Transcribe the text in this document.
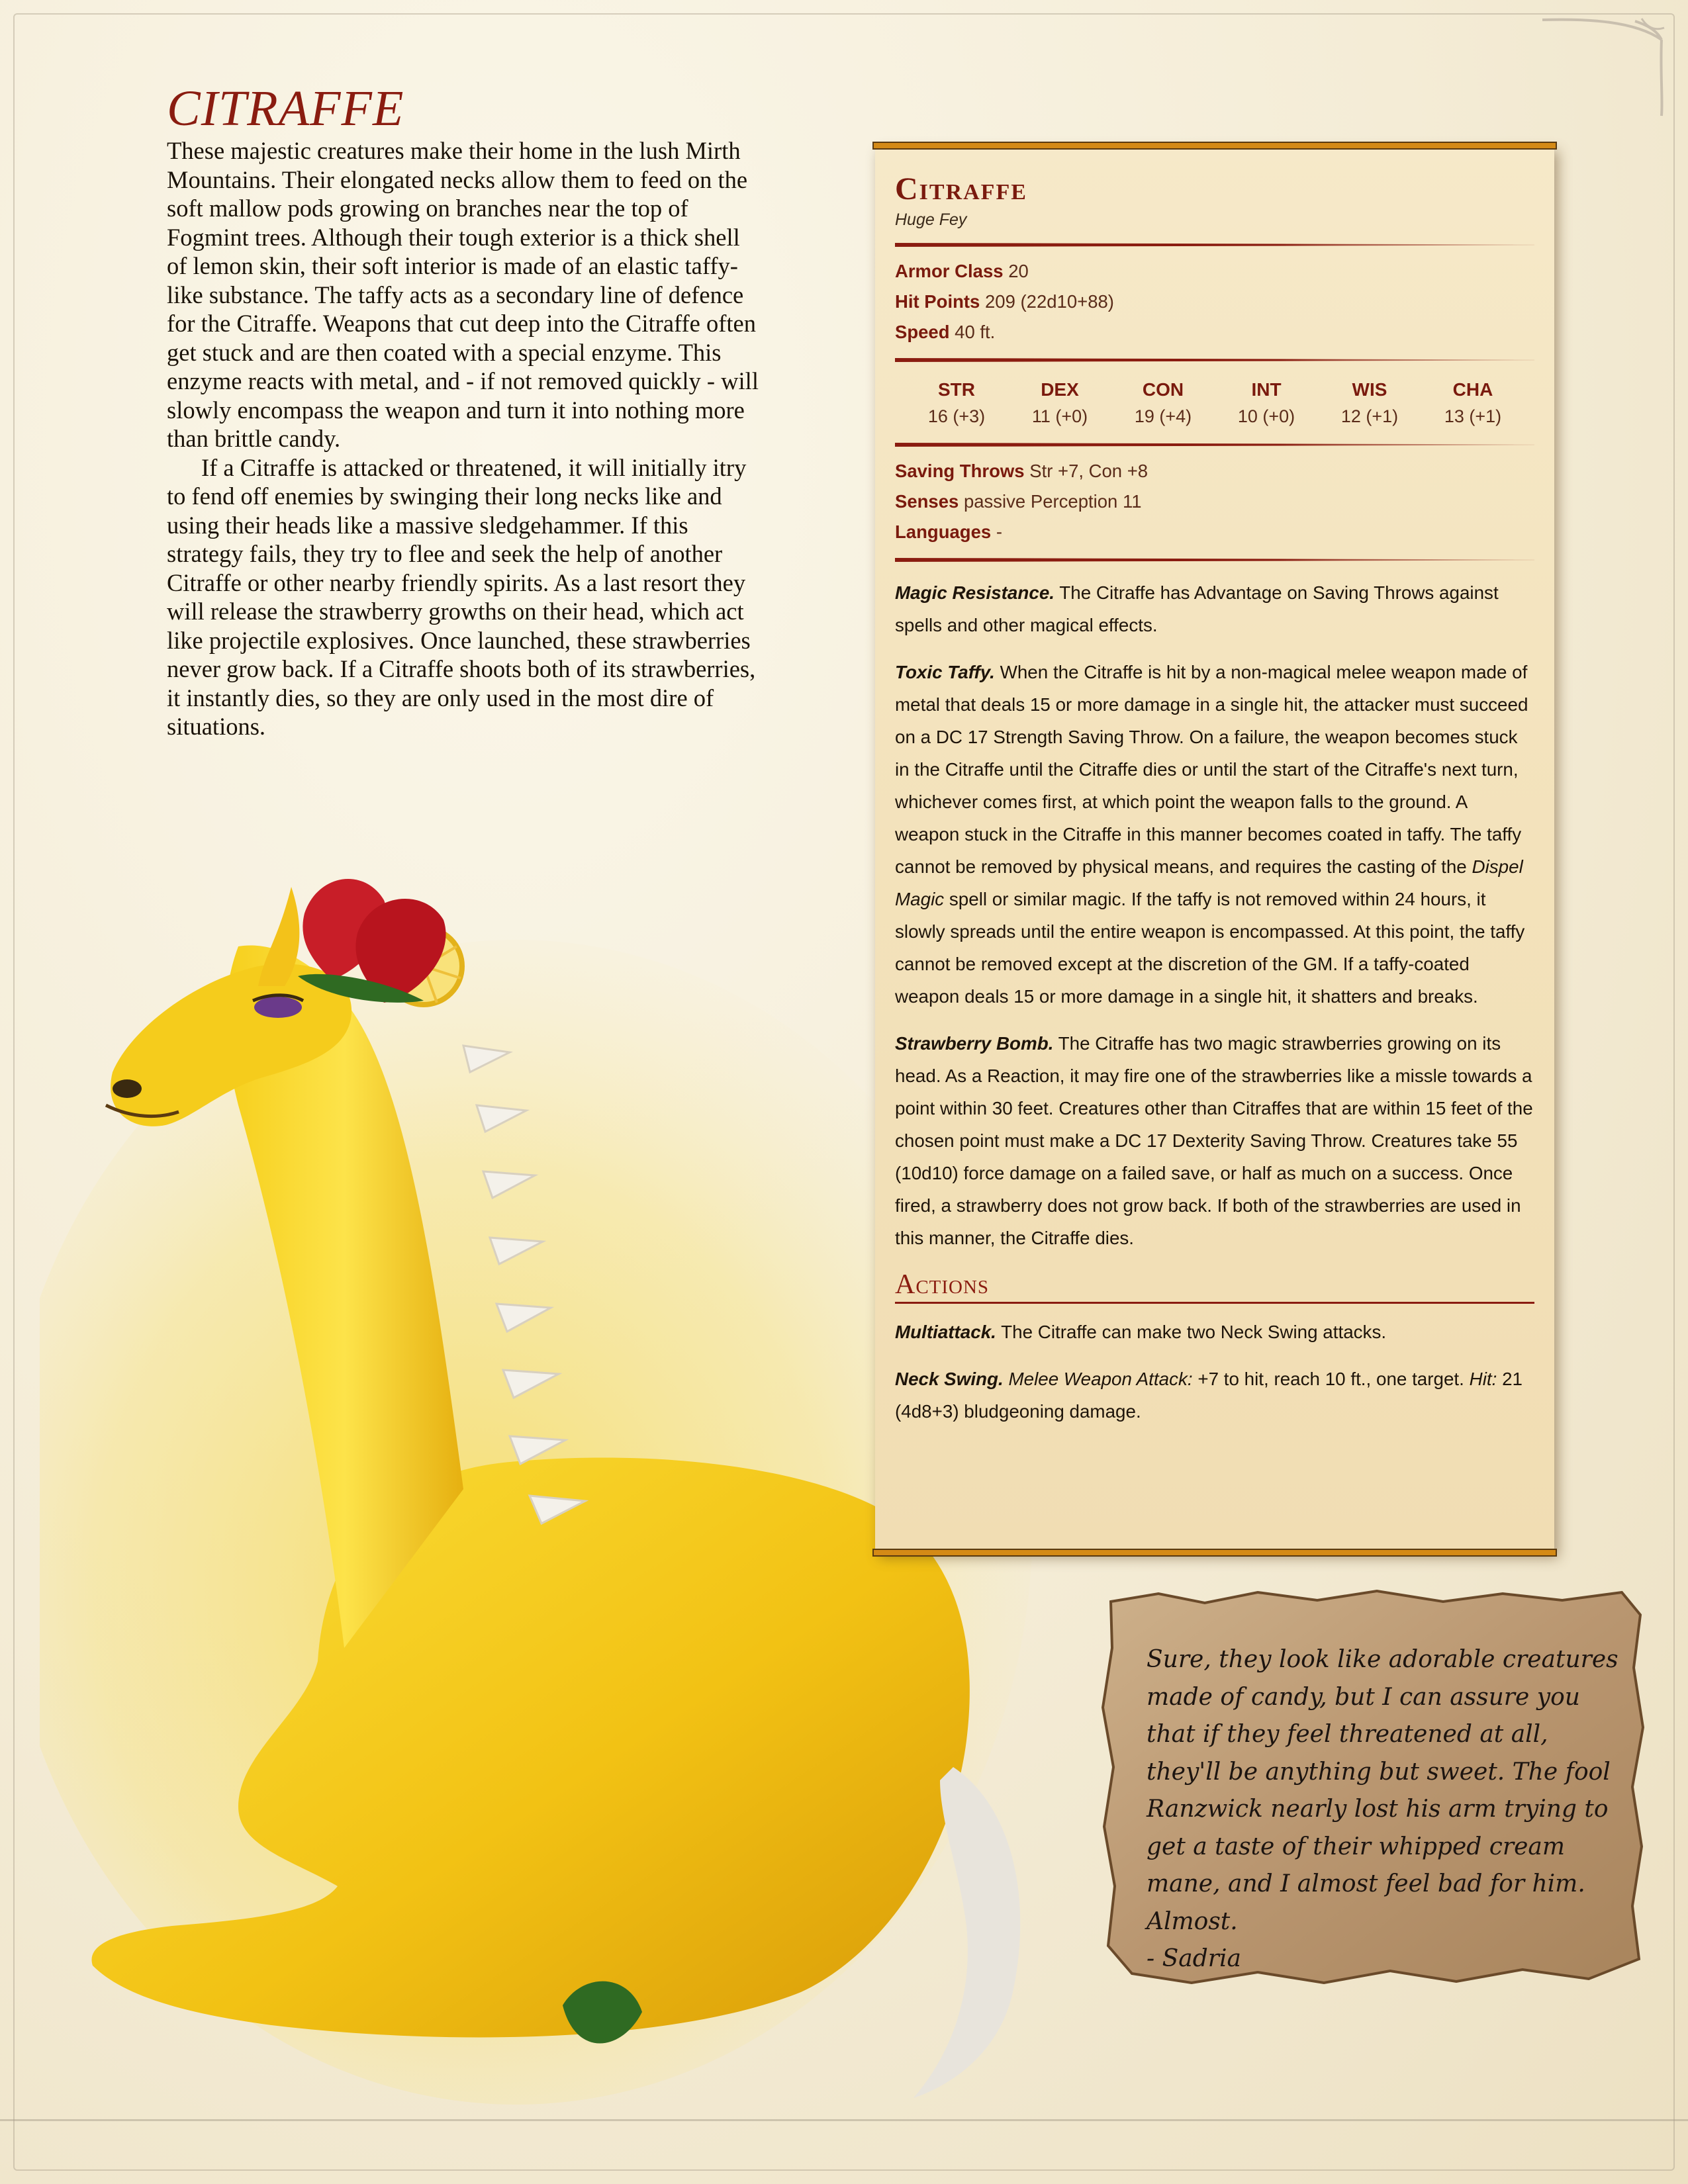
CITRAFFE

These majestic creatures make their home in the lush Mirth Mountains. Their elongated necks allow them to feed on the soft mallow pods growing on branches near the top of Fogmint trees. Although their tough exterior is a thick shell of lemon skin, their soft interior is made of an elastic taffy-like substance. The taffy acts as a secondary line of defence for the Citraffe. Weapons that cut deep into the Citraffe often get stuck and are then coated with a special enzyme. This enzyme reacts with metal, and - if not removed quickly - will slowly encompass the weapon and turn it into nothing more than brittle candy.

If a Citraffe is attacked or threatened, it will initially itry to fend off enemies by swinging their long necks like and using their heads like a massive sledgehammer. If this strategy fails, they try to flee and seek the help of another Citraffe or other nearby friendly spirits. As a last resort they will release the strawberry growths on their head, which act like projectile explosives. Once launched, these strawberries never grow back. If a Citraffe shoots both of its strawberries, it instantly dies, so they are only used in the most dire of situations.

Citraffe
Huge Fey
Armor Class 20
Hit Points 209 (22d10+88)
Speed 40 ft.
STR
16 (+3)
DEX
11 (+0)
CON
19 (+4)
INT
10 (+0)
WIS
12 (+1)
CHA
13 (+1)
Saving Throws Str +7, Con +8
Senses passive Perception 11
Languages -

Magic Resistance. The Citraffe has Advantage on Saving Throws against spells and other magical effects.

Toxic Taffy. When the Citraffe is hit by a non-magical melee weapon made of metal that deals 15 or more damage in a single hit, the attacker must succeed on a DC 17 Strength Saving Throw. On a failure, the weapon becomes stuck in the Citraffe until the Citraffe dies or until the start of the Citraffe's next turn, whichever comes first, at which point the weapon falls to the ground. A weapon stuck in the Citraffe in this manner becomes coated in taffy. The taffy cannot be removed by physical means, and requires the casting of the Dispel Magic spell or similar magic. If the taffy is not removed within 24 hours, it slowly spreads until the entire weapon is encompassed. At this point, the taffy cannot be removed except at the discretion of the GM. If a taffy-coated weapon deals 15 or more damage in a single hit, it shatters and breaks.

Strawberry Bomb. The Citraffe has two magic strawberries growing on its head. As a Reaction, it may fire one of the strawberries like a missle towards a point within 30 feet. Creatures other than Citraffes that are within 15 feet of the chosen point must make a DC 17 Dexterity Saving Throw. Creatures take 55 (10d10) force damage on a failed save, or half as much on a success. Once fired, a strawberry does not grow back. If both of the strawberries are used in this manner, the Citraffe dies.

Actions

Multiattack. The Citraffe can make two Neck Swing attacks.

Neck Swing. Melee Weapon Attack: +7 to hit, reach 10 ft., one target. Hit: 21 (4d8+3) bludgeoning damage.

Sure, they look like adorable creatures made of candy, but I can assure you that if they feel threatened at all, they'll be anything but sweet. The fool Ranzwick nearly lost his arm trying to get a taste of their whipped cream mane, and I almost feel bad for him. Almost.
- Sadria
